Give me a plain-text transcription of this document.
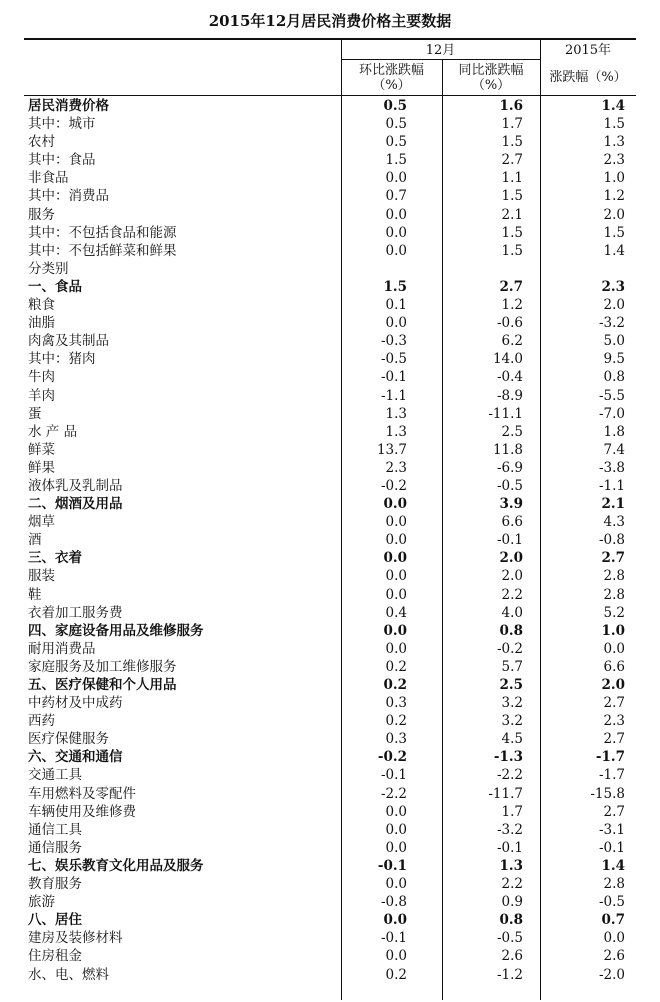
2015年12月居民消费价格主要数据
12月	2015年
环比涨跌幅
（%）
同比涨跌幅
（%）
涨跌幅（%）
居民消费价格	0.5	1.6	1.4
其中：城市	0.5	1.7	1.5
农村	0.5	1.5	1.3
其中：食品	1.5	2.7	2.3
非食品	0.0	1.1	1.0
其中：消费品	0.7	1.5	1.2
服务	0.0	2.1	2.0
其中：不包括食品和能源	0.0	1.5	1.5
其中：不包括鲜菜和鲜果	0.0	1.5	1.4
分类别
一、食品	1.5	2.7	2.3
粮食	0.1	1.2	2.0
油脂	0.0	-0.6	-3.2
肉禽及其制品	-0.3	6.2	5.0
其中：猪肉	-0.5	14.0	9.5
牛肉	-0.1	-0.4	0.8
羊肉	-1.1	-8.9	-5.5
蛋	1.3	-11.1	-7.0
水 产 品	1.3	2.5	1.8
鲜菜	13.7	11.8	7.4
鲜果	2.3	-6.9	-3.8
液体乳及乳制品	-0.2	-0.5	-1.1
二、烟酒及用品	0.0	3.9	2.1
烟草	0.0	6.6	4.3
酒	0.0	-0.1	-0.8
三、衣着	0.0	2.0	2.7
服装	0.0	2.0	2.8
鞋	0.0	2.2	2.8
衣着加工服务费	0.4	4.0	5.2
四、家庭设备用品及维修服务	0.0	0.8	1.0
耐用消费品	0.0	-0.2	0.0
家庭服务及加工维修服务	0.2	5.7	6.6
五、医疗保健和个人用品	0.2	2.5	2.0
中药材及中成药	0.3	3.2	2.7
西药	0.2	3.2	2.3
医疗保健服务	0.3	4.5	2.7
六、交通和通信	-0.2	-1.3	-1.7
交通工具	-0.1	-2.2	-1.7
车用燃料及零配件	-2.2	-11.7	-15.8
车辆使用及维修费	0.0	1.7	2.7
通信工具	0.0	-3.2	-3.1
通信服务	0.0	-0.1	-0.1
七、娱乐教育文化用品及服务	-0.1	1.3	1.4
教育服务	0.0	2.2	2.8
旅游	-0.8	0.9	-0.5
八、居住	0.0	0.8	0.7
建房及装修材料	-0.1	-0.5	0.0
住房租金	0.0	2.6	2.6
水、电、燃料	0.2	-1.2	-2.0
